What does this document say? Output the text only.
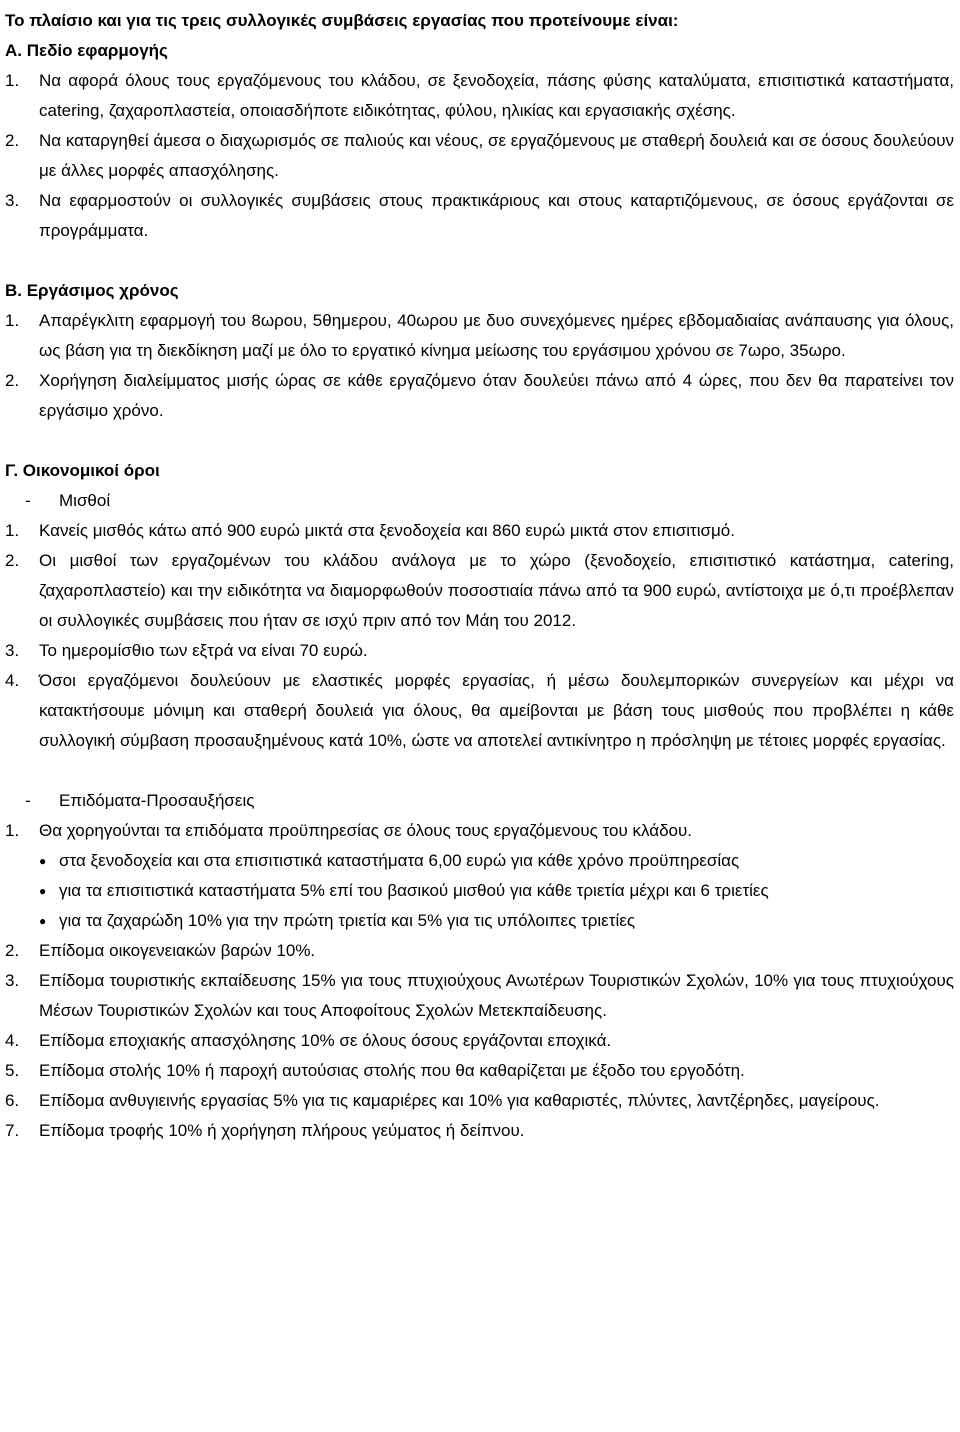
Το πλαίσιο και για τις τρεις συλλογικές συμβάσεις εργασίας που προτείνουμε είναι:
Α. Πεδίο εφαρμογής
1.	Να αφορά όλους τους εργαζόμενους του κλάδου, σε ξενοδοχεία, πάσης φύσης καταλύματα, επισιτιστικά καταστήματα, catering, ζαχαροπλαστεία, οποιασδήποτε ειδικότητας, φύλου, ηλικίας και εργασιακής σχέσης.
2.	Να καταργηθεί άμεσα ο διαχωρισμός σε παλιούς και νέους, σε εργαζόμενους με σταθερή δουλειά και σε όσους δουλεύουν με άλλες μορφές απασχόλησης.
3.	Να εφαρμοστούν οι συλλογικές συμβάσεις στους πρακτικάριους και στους καταρτιζόμενους, σε όσους εργάζονται σε προγράμματα.
Β. Εργάσιμος χρόνος
1.	Απαρέγκλιτη εφαρμογή του 8ωρου, 5θημερου, 40ωρου με δυο συνεχόμενες ημέρες εβδομαδιαίας ανάπαυσης για όλους, ως βάση για τη διεκδίκηση μαζί με όλο το εργατικό κίνημα μείωσης του εργάσιμου χρόνου σε 7ωρο, 35ωρο.
2.	Χορήγηση διαλείμματος μισής ώρας σε κάθε εργαζόμενο όταν δουλεύει πάνω από 4 ώρες, που δεν θα παρατείνει τον εργάσιμο χρόνο.
Γ. Οικονομικοί όροι
-	Μισθοί
1.	Κανείς μισθός κάτω από 900 ευρώ μικτά στα ξενοδοχεία και 860 ευρώ μικτά στον επισιτισμό.
2.	Οι μισθοί των εργαζομένων του κλάδου ανάλογα με το χώρο (ξενοδοχείο, επισιτιστικό κατάστημα, catering, ζαχαροπλαστείο) και την ειδικότητα να διαμορφωθούν ποσοστιαία πάνω από τα 900 ευρώ, αντίστοιχα με ό,τι προέβλεπαν οι συλλογικές συμβάσεις που ήταν σε ισχύ πριν από τον Μάη του 2012.
3.	Το ημερομίσθιο των εξτρά να είναι 70 ευρώ.
4.	Όσοι εργαζόμενοι δουλεύουν με ελαστικές μορφές εργασίας, ή μέσω δουλεμπορικών συνεργείων και μέχρι να κατακτήσουμε μόνιμη και σταθερή δουλειά για όλους, θα αμείβονται με βάση τους μισθούς που προβλέπει η κάθε συλλογική σύμβαση προσαυξημένους κατά 10%, ώστε να αποτελεί αντικίνητρο η πρόσληψη με τέτοιες μορφές εργασίας.
-	Επιδόματα-Προσαυξήσεις
1.	Θα χορηγούνται τα επιδόματα προϋπηρεσίας σε όλους τους εργαζόμενους του κλάδου.
● στα ξενοδοχεία και στα επισιτιστικά καταστήματα 6,00 ευρώ για κάθε χρόνο προϋπηρεσίας
● για τα επισιτιστικά καταστήματα 5% επί του βασικού μισθού για κάθε τριετία μέχρι και 6 τριετίες
● για τα ζαχαρώδη 10% για την πρώτη τριετία και 5% για τις υπόλοιπες τριετίες
2.	Επίδομα οικογενειακών βαρών 10%.
3.	Επίδομα τουριστικής εκπαίδευσης 15% για τους πτυχιούχους Ανωτέρων Τουριστικών Σχολών, 10% για τους πτυχιούχους Μέσων Τουριστικών Σχολών και τους Αποφοίτους Σχολών Μετεκπαίδευσης.
4.	Επίδομα εποχιακής απασχόλησης 10% σε όλους όσους εργάζονται εποχικά.
5.	Επίδομα στολής 10% ή παροχή αυτούσιας στολής που θα καθαρίζεται με έξοδο του εργοδότη.
6.	Επίδομα ανθυγιεινής εργασίας 5% για τις καμαριέρες και 10% για καθαριστές, πλύντες, λαντζέρηδες, μαγείρους.
7.	Επίδομα τροφής 10% ή χορήγηση πλήρους γεύματος ή δείπνου.
